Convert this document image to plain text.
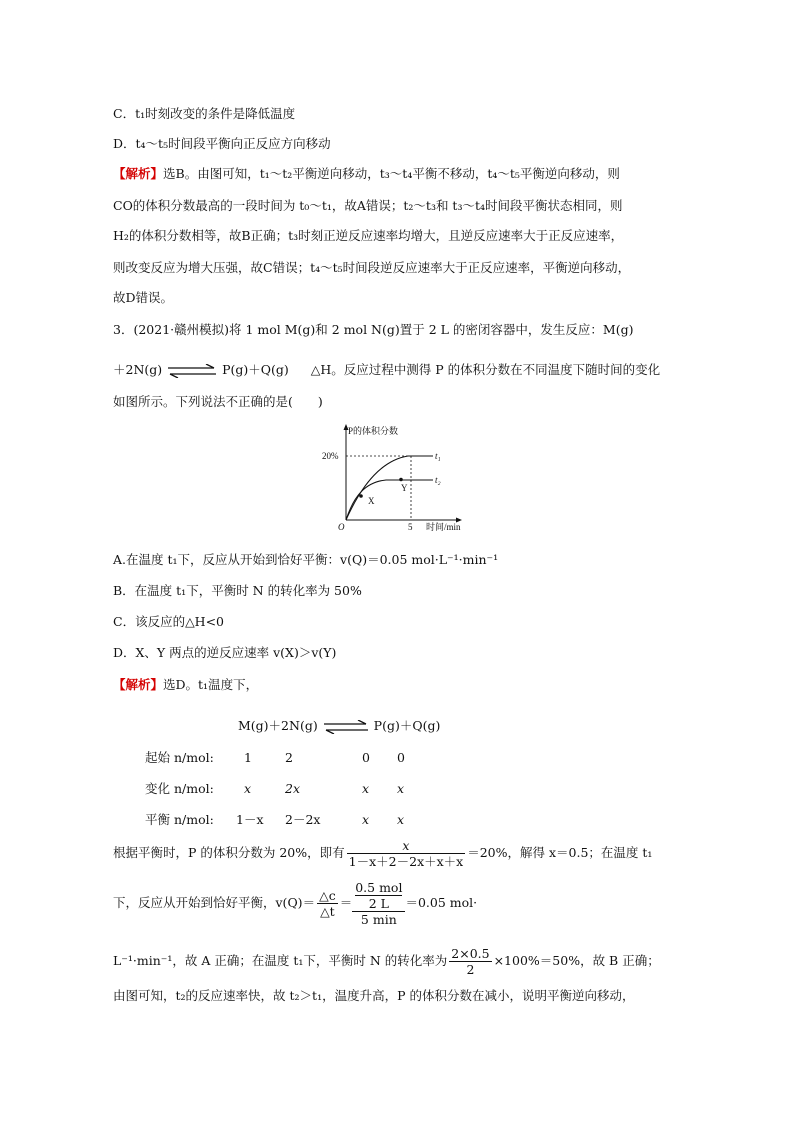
C．t₁时刻改变的条件是降低温度
D．t₄～t₅时间段平衡向正反应方向移动
【解析】选B。由图可知，t₁～t₂平衡逆向移动，t₃～t₄平衡不移动，t₄～t₅平衡逆向移动，则
CO的体积分数最高的一段时间为 t₀～t₁，故A错误；t₂～t₃和 t₃～t₄时间段平衡状态相同，则
H₂的体积分数相等，故B正确；t₃时刻正逆反应速率均增大，且逆反应速率大于正反应速率，
则改变反应为增大压强，故C错误；t₄～t₅时间段逆反应速率大于正反应速率，平衡逆向移动，
故D错误。
3．(2021·赣州模拟)将 1 mol M(g)和 2 mol N(g)置于 2 L 的密闭容器中，发生反应：M(g)
＋2N(g)	P(g)＋Q(g) △H。反应过程中测得 P 的体积分数在不同温度下随时间的变化
如图所示。下列说法不正确的是(　　)
P的体积分数
20%	t₁
t₂
X
Y
O	5 时间/min
A.在温度 t₁下，反应从开始到恰好平衡：v(Q)＝0.05 mol·L⁻¹·min⁻¹
B．在温度 t₁下，平衡时 N 的转化率为 50%
C．该反应的△H<0
D．X、Y 两点的逆反应速率 v(X)＞v(Y)
【解析】选D。t₁温度下，
M(g)＋2N(g) ⇌ P(g)＋Q(g)
起始 n/mol: 1	2	0 0
变化 n/mol: x	2x	x x
平衡 n/mol: 1－x 2－2x	x x
根据平衡时，P 的体积分数为 20%，即有 $\frac{x}{1-x+2-2x+x+x} =20\%$，解得 x＝0.5；在温度 t₁
下，反应从开始到恰好平衡，$v(Q)= \frac{\triangle c}{\triangle t} = 0.5$ mol
2 L
5 min ＝0.05 mol·
L⁻¹·min⁻¹，故 A 正确；在温度 t₁下，平衡时 N 的转化率为 $\frac{2\times 0.5}{2} \times 100\%=50\%$，故 B 正确；
由图可知，t₂的反应速率快，故 t₂＞t₁，温度升高，P 的体积分数在减小，说明平衡逆向移动，
